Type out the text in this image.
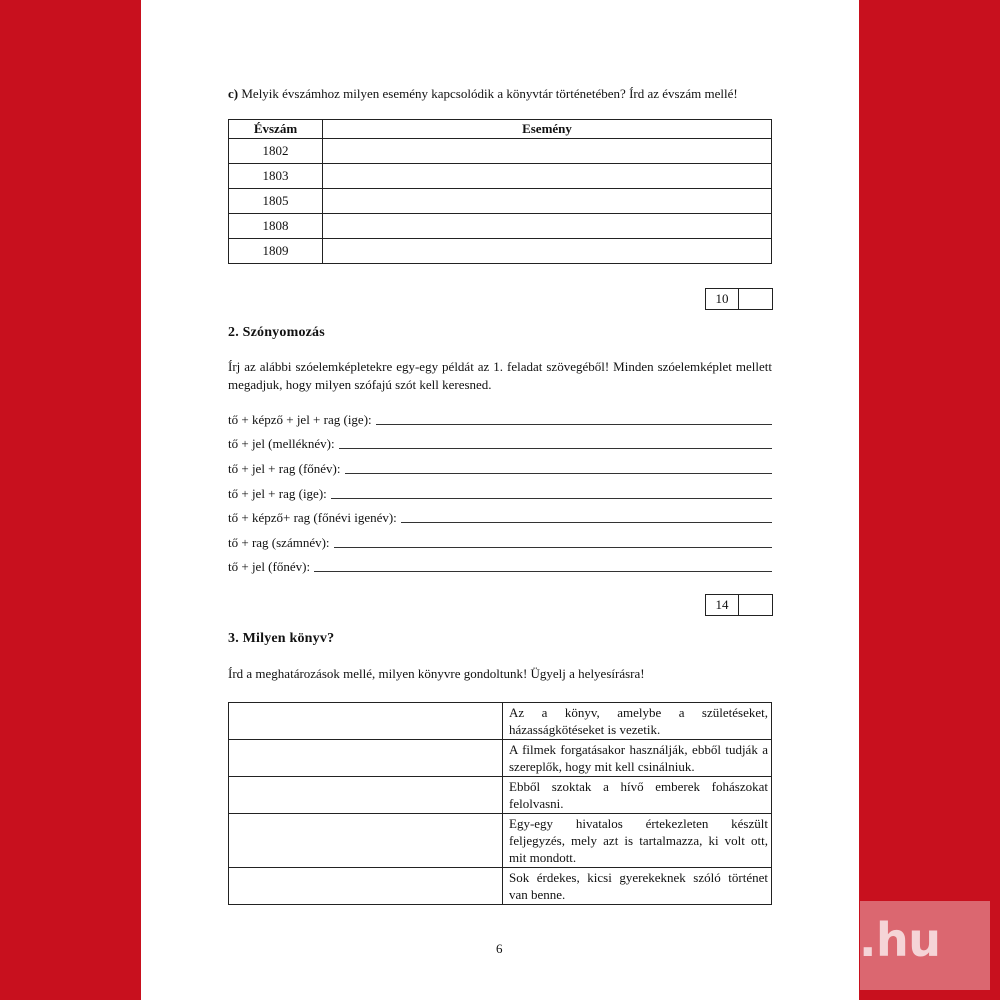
c) Melyik évszámhoz milyen esemény kapcsolódik a könyvtár történetében? Írd az évszám mellé!
Évszám	Esemény
1802	
1803	
1805	
1808	
1809	
10
2. Szónyomozás
Írj az alábbi szóelemképletekre egy-egy példát az 1. feladat szövegéből! Minden szóelemképlet mellett megadjuk, hogy milyen szófajú szót kell keresned.
tő + képző + jel + rag (ige):
tő + jel (melléknév):
tő + jel + rag (főnév):
tő + jel + rag (ige):
tő + képző+ rag (főnévi igenév):
tő + rag (számnév):
tő + jel (főnév):
14
3. Milyen könyv?
Írd a meghatározások mellé, milyen könyvre gondoltunk! Ügyelj a helyesírásra!
	Az a könyv, amelybe a születéseket, házasságkötéseket is vezetik.
	A filmek forgatásakor használják, ebből tudják a szereplők, hogy mit kell csinálniuk.
	Ebből szoktak a hívő emberek fohászokat felolvasni.
	Egy-egy hivatalos értekezleten készült feljegyzés, mely azt is tartalmazza, ki volt ott, mit mondott.
	Sok érdekes, kicsi gyerekeknek szóló történet van benne.
6	tinta.hu
